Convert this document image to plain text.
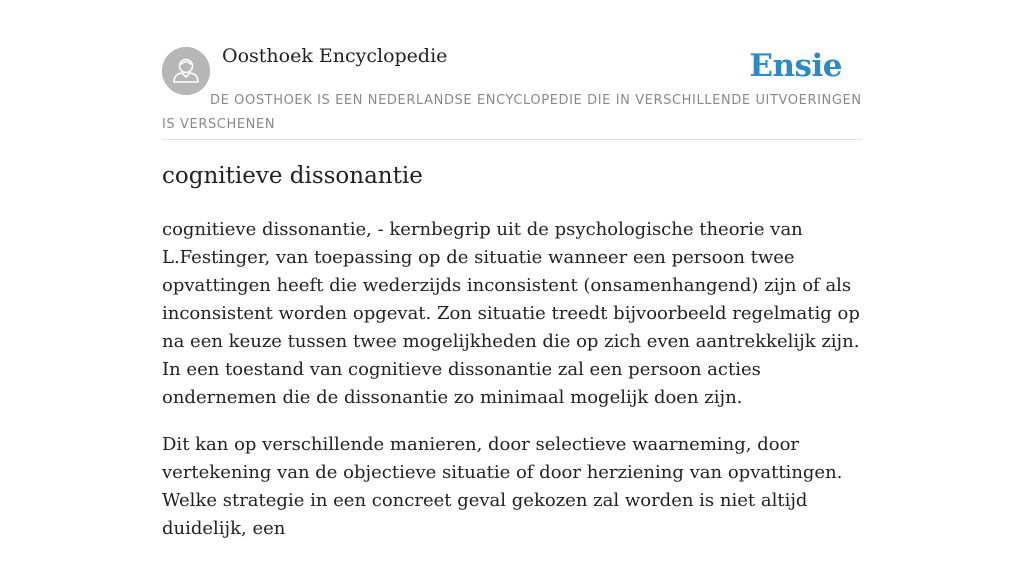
Oosthoek Encyclopedie	Ensie
DE OOSTHOEK IS EEN NEDERLANDSE ENCYCLOPEDIE DIE IN VERSCHILLENDE UITVOERINGEN IS VERSCHENEN
cognitieve dissonantie

cognitieve dissonantie, - kernbegrip uit de psychologische theorie van L.Festinger, van toepassing op de situatie wanneer een persoon twee opvattingen heeft die wederzijds inconsistent (onsamenhangend) zijn of als inconsistent worden opgevat. Zon situatie treedt bijvoorbeeld regelmatig op na een keuze tussen twee mogelijkheden die op zich even aantrekkelijk zijn. In een toestand van cognitieve dissonantie zal een persoon acties ondernemen die de dissonantie zo minimaal mogelijk doen zijn.

Dit kan op verschillende manieren, door selectieve waarneming, door vertekening van de objectieve situatie of door herziening van opvattingen. Welke strategie in een concreet geval gekozen zal worden is niet altijd duidelijk, een
